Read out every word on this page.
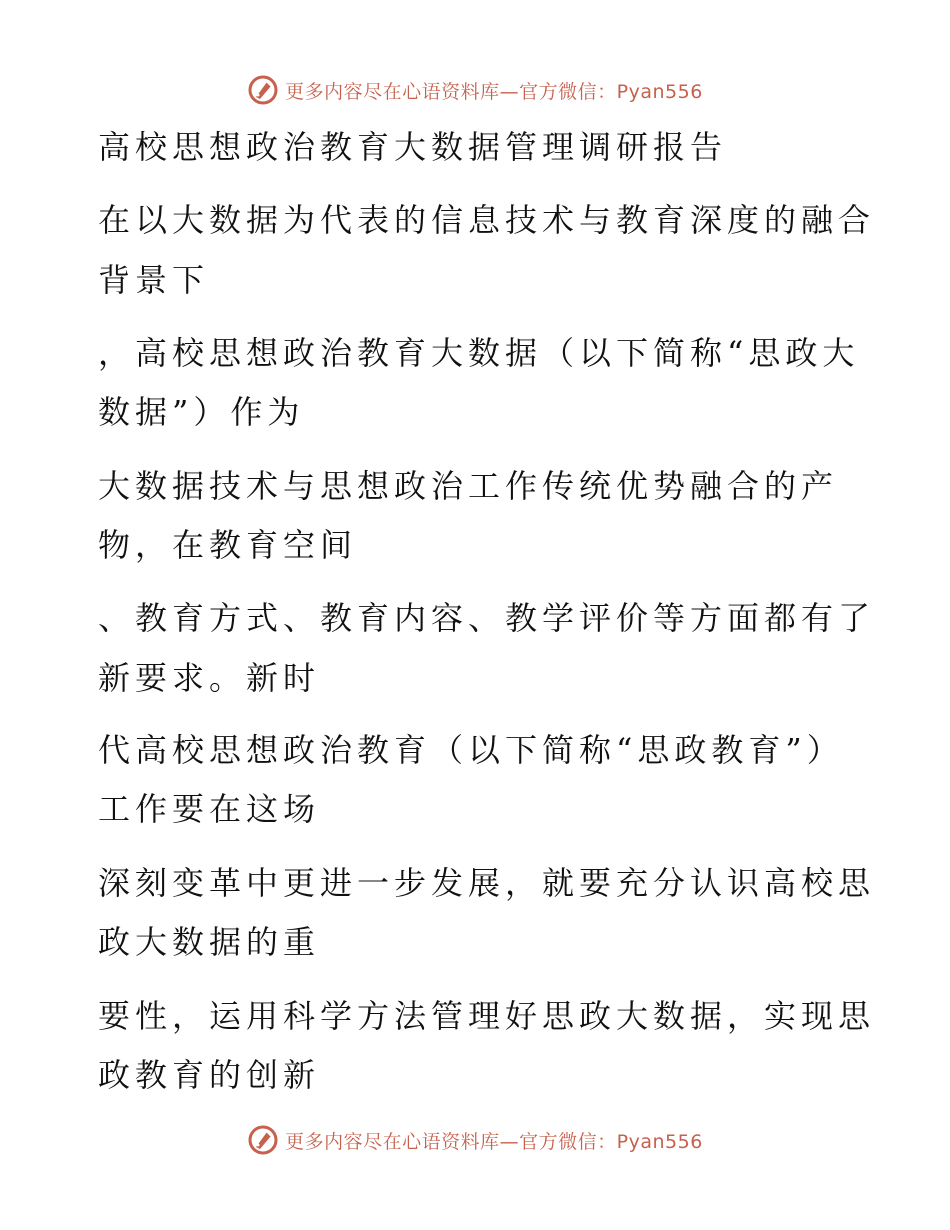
更多内容尽在心语资料库—官方微信：Pyan556
高校思想政治教育大数据管理调研报告
在以大数据为代表的信息技术与教育深度的融合
背景下
，高校思想政治教育大数据（以下简称“思政大
数据”）作为
大数据技术与思想政治工作传统优势融合的产
物，在教育空间
、教育方式、教育内容、教学评价等方面都有了
新要求。新时
代高校思想政治教育（以下简称“思政教育”）
工作要在这场
深刻变革中更进一步发展，就要充分认识高校思
政大数据的重
要性，运用科学方法管理好思政大数据，实现思
政教育的创新
更多内容尽在心语资料库—官方微信：Pyan556
